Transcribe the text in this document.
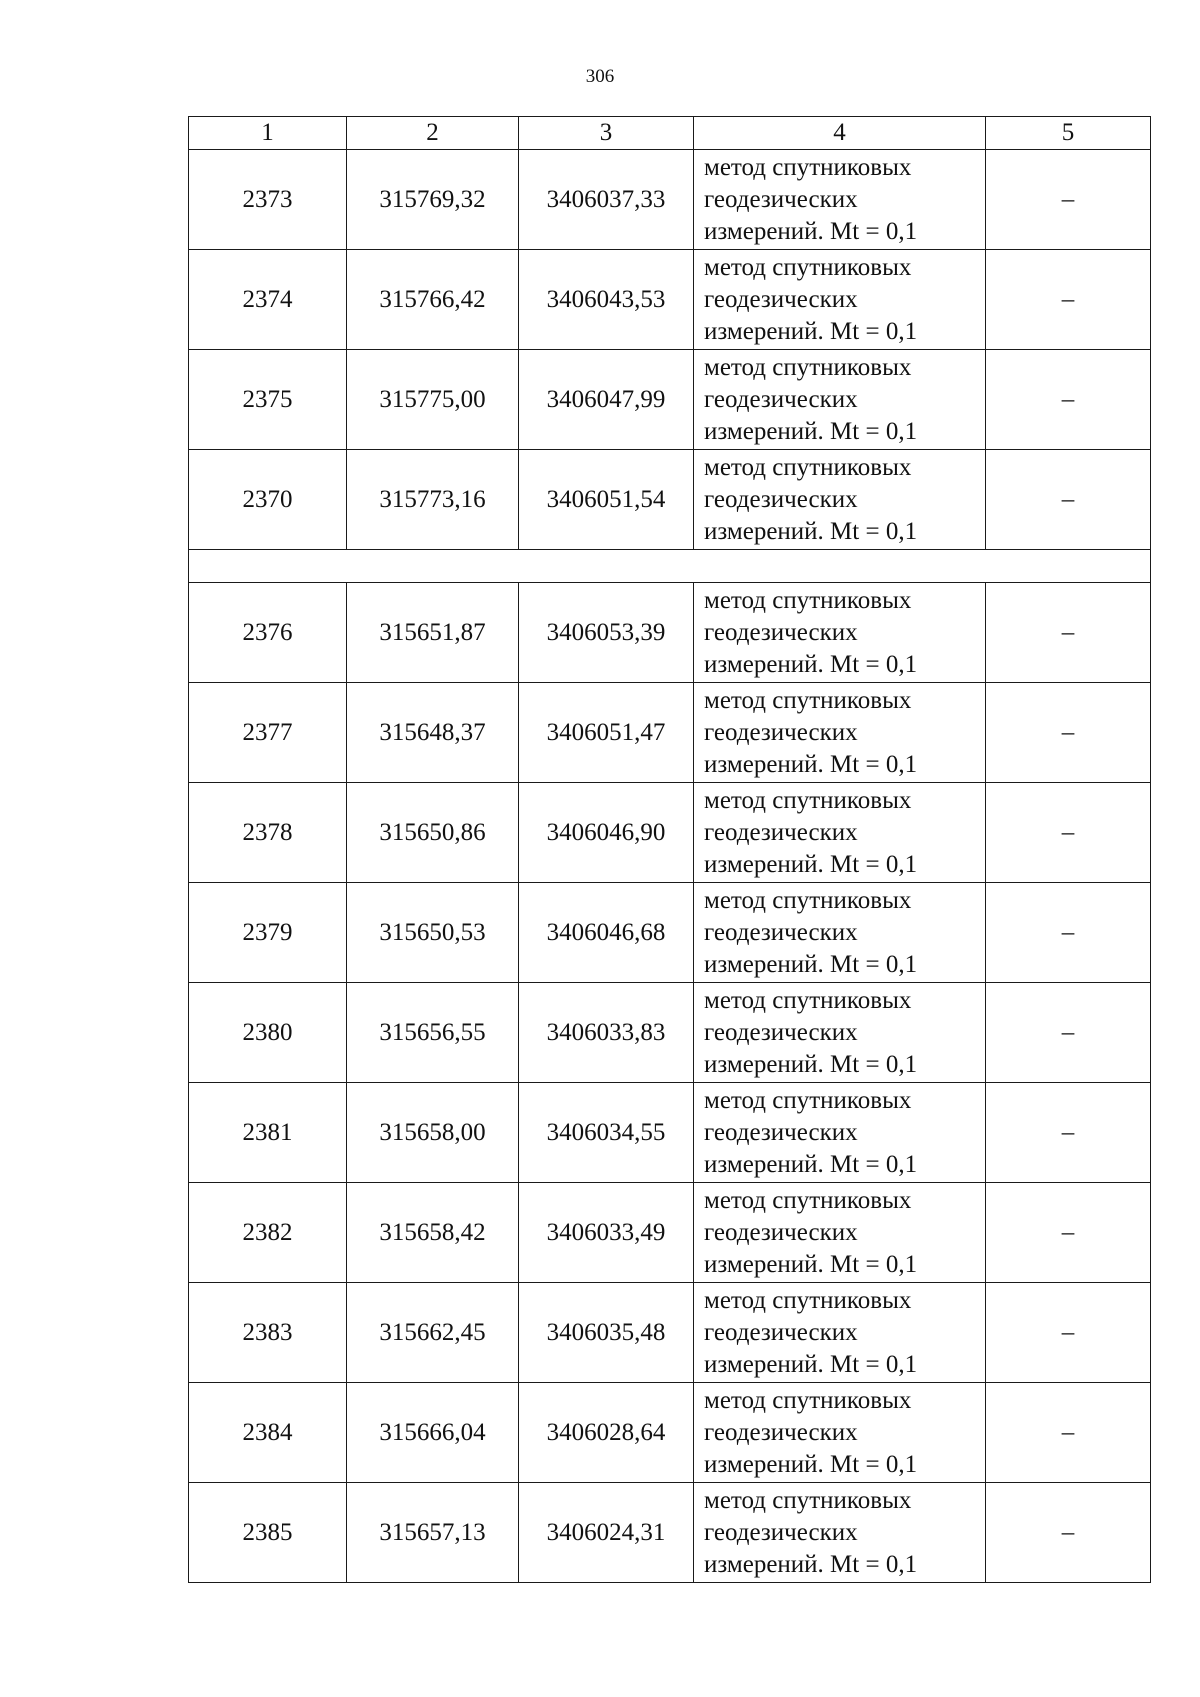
306
1	2	3	4	5
2373	315769,32	3406037,33	метод спутниковых
геодезических
измерений. Mt = 0,1	–
2374	315766,42	3406043,53	метод спутниковых
геодезических
измерений. Mt = 0,1	–
2375	315775,00	3406047,99	метод спутниковых
геодезических
измерений. Mt = 0,1	–
2370	315773,16	3406051,54	метод спутниковых
геодезических
измерений. Mt = 0,1	–

2376	315651,87	3406053,39	метод спутниковых
геодезических
измерений. Mt = 0,1	–
2377	315648,37	3406051,47	метод спутниковых
геодезических
измерений. Mt = 0,1	–
2378	315650,86	3406046,90	метод спутниковых
геодезических
измерений. Mt = 0,1	–
2379	315650,53	3406046,68	метод спутниковых
геодезических
измерений. Mt = 0,1	–
2380	315656,55	3406033,83	метод спутниковых
геодезических
измерений. Mt = 0,1	–
2381	315658,00	3406034,55	метод спутниковых
геодезических
измерений. Mt = 0,1	–
2382	315658,42	3406033,49	метод спутниковых
геодезических
измерений. Mt = 0,1	–
2383	315662,45	3406035,48	метод спутниковых
геодезических
измерений. Mt = 0,1	–
2384	315666,04	3406028,64	метод спутниковых
геодезических
измерений. Mt = 0,1	–
2385	315657,13	3406024,31	метод спутниковых
геодезических
измерений. Mt = 0,1	–
